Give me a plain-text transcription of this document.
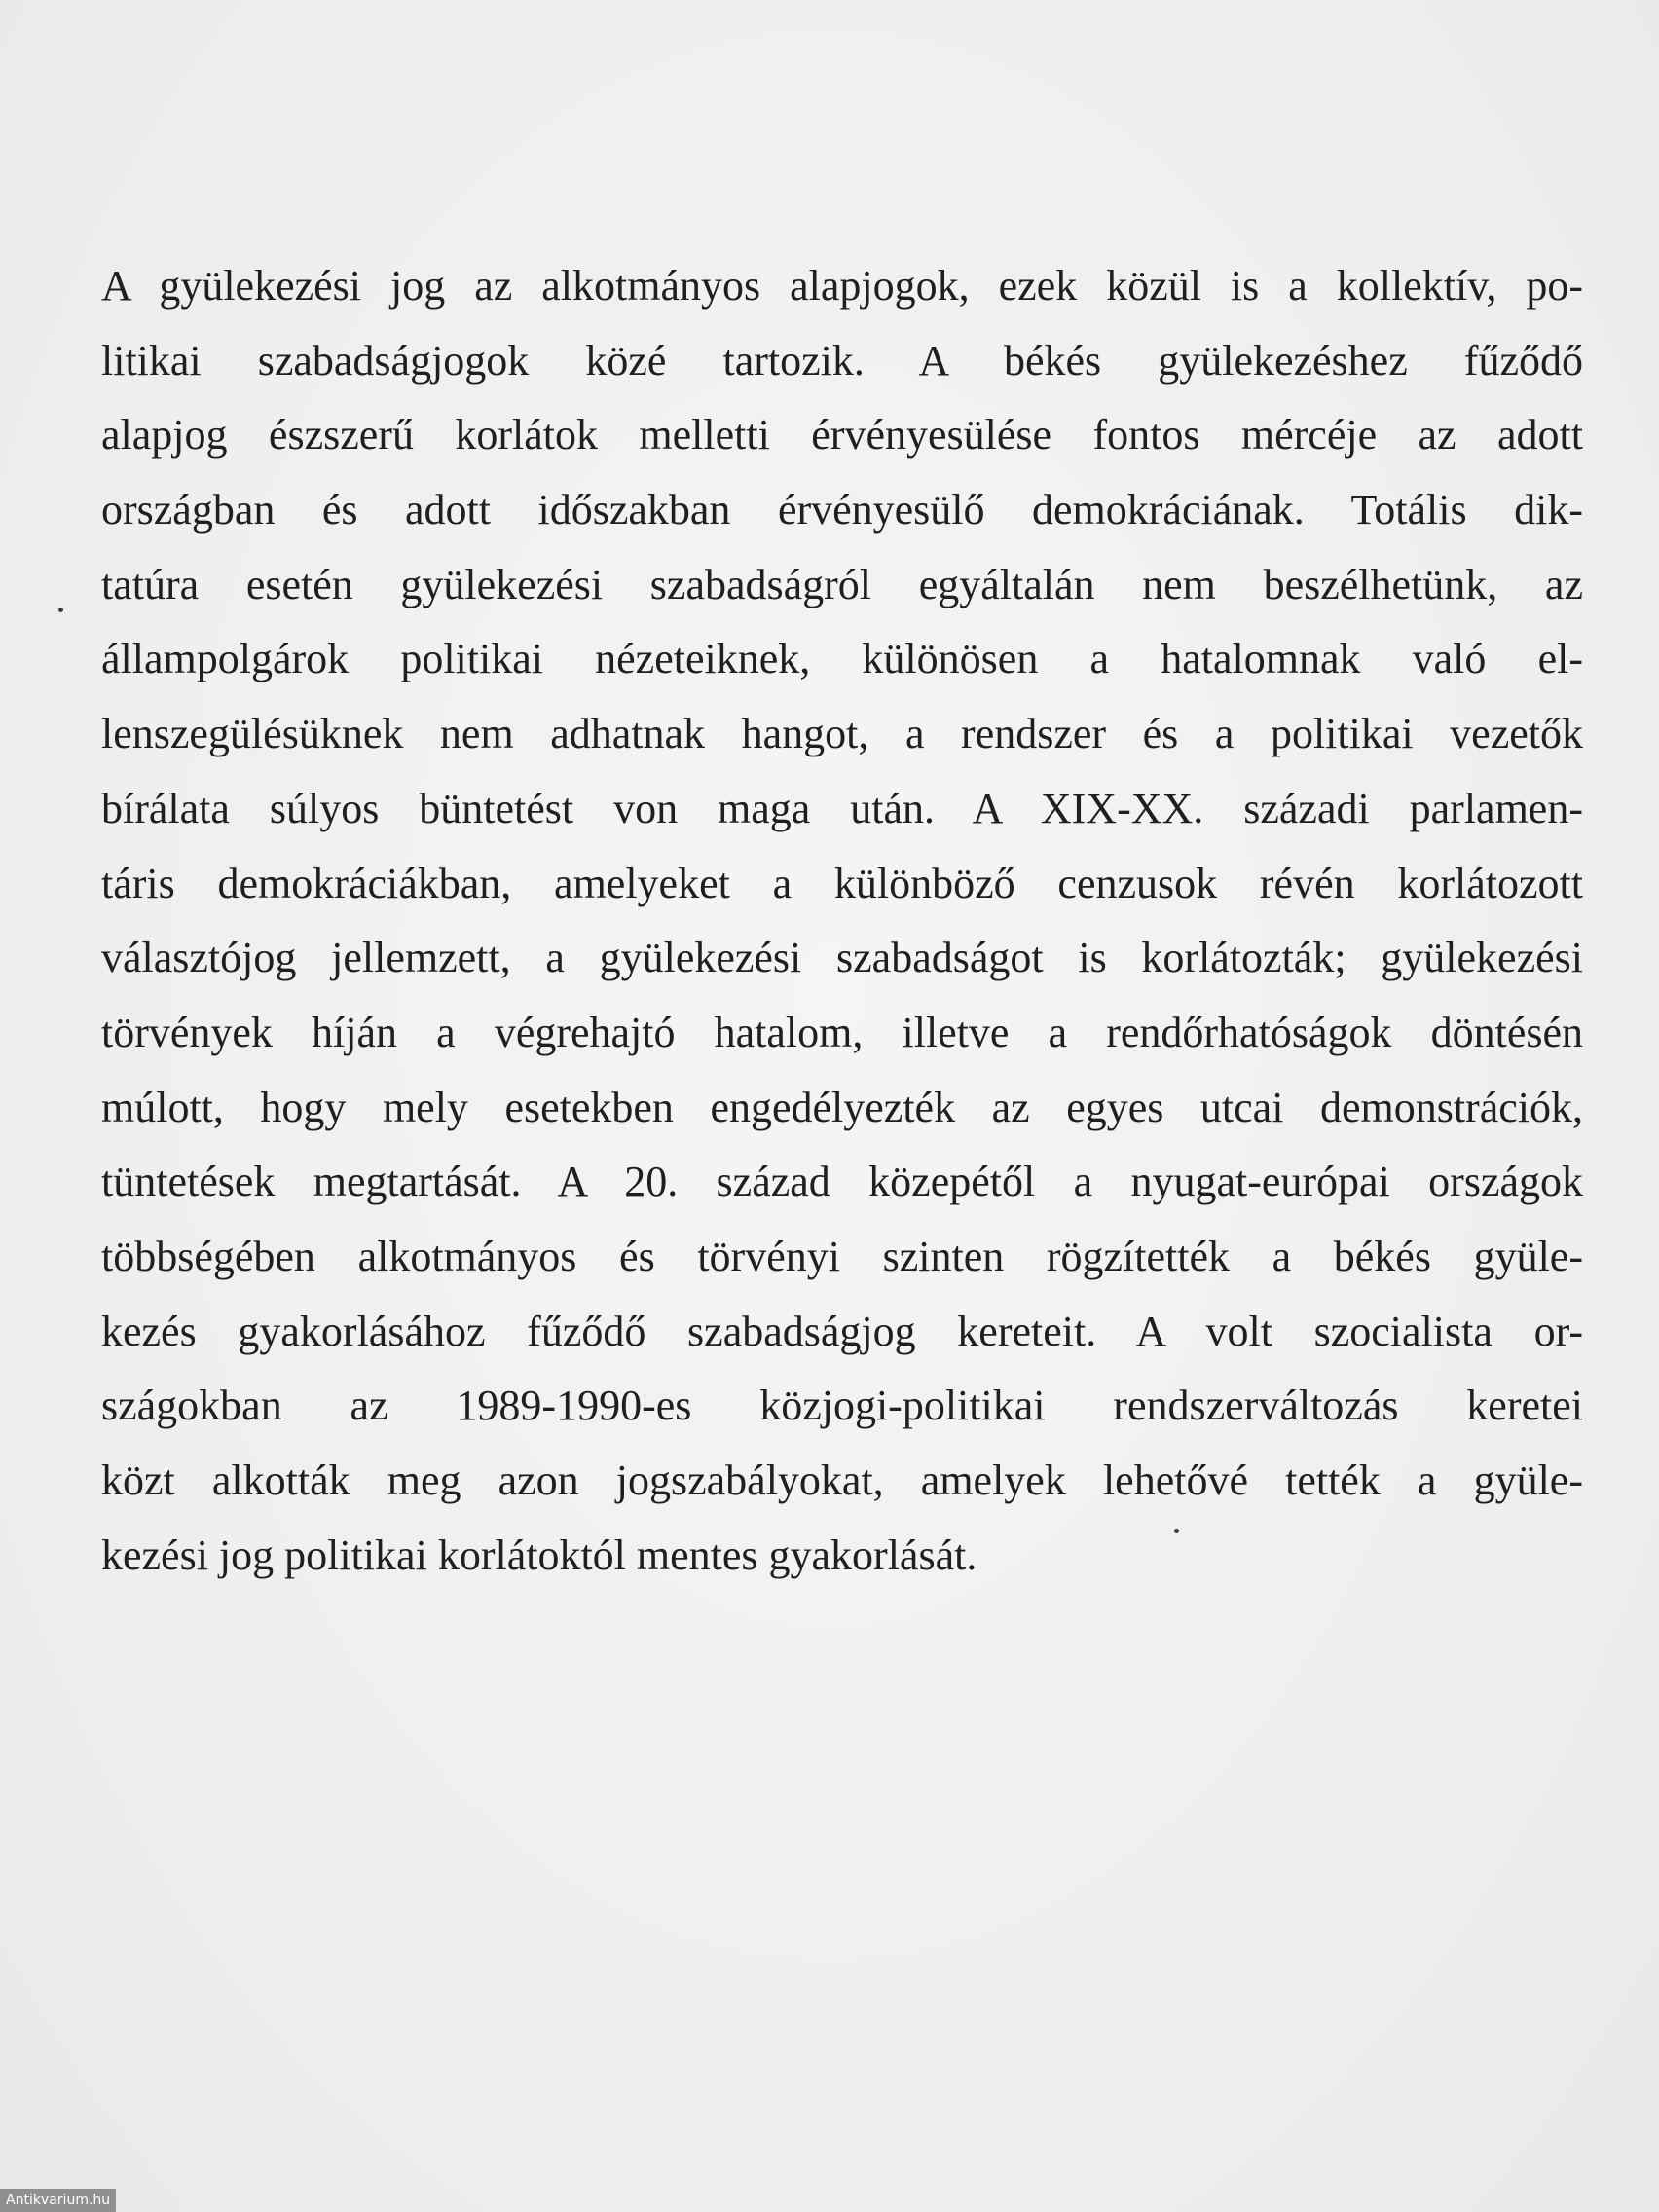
A gyülekezési jog az alkotmányos alapjogok, ezek közül is a kollektív, po-
litikai szabadságjogok közé tartozik. A békés gyülekezéshez fűződő
alapjog észszerű korlátok melletti érvényesülése fontos mércéje az adott
országban és adott időszakban érvényesülő demokráciának. Totális dik-
tatúra esetén gyülekezési szabadságról egyáltalán nem beszélhetünk, az
állampolgárok politikai nézeteiknek, különösen a hatalomnak való el-
lenszegülésüknek nem adhatnak hangot, a rendszer és a politikai vezetők
bírálata súlyos büntetést von maga után. A XIX-XX. századi parlamen-
táris demokráciákban, amelyeket a különböző cenzusok révén korlátozott
választójog jellemzett, a gyülekezési szabadságot is korlátozták; gyülekezési
törvények híján a végrehajtó hatalom, illetve a rendőrhatóságok döntésén
múlott, hogy mely esetekben engedélyezték az egyes utcai demonstrációk,
tüntetések megtartását. A 20. század közepétől a nyugat-európai országok
többségében alkotmányos és törvényi szinten rögzítették a békés gyüle-
kezés gyakorlásához fűződő szabadságjog kereteit. A volt szocialista or-
szágokban az 1989-1990-es közjogi-politikai rendszerváltozás keretei
közt alkották meg azon jogszabályokat, amelyek lehetővé tették a gyüle-
kezési jog politikai korlátoktól mentes gyakorlását.
Antikvarium.hu
